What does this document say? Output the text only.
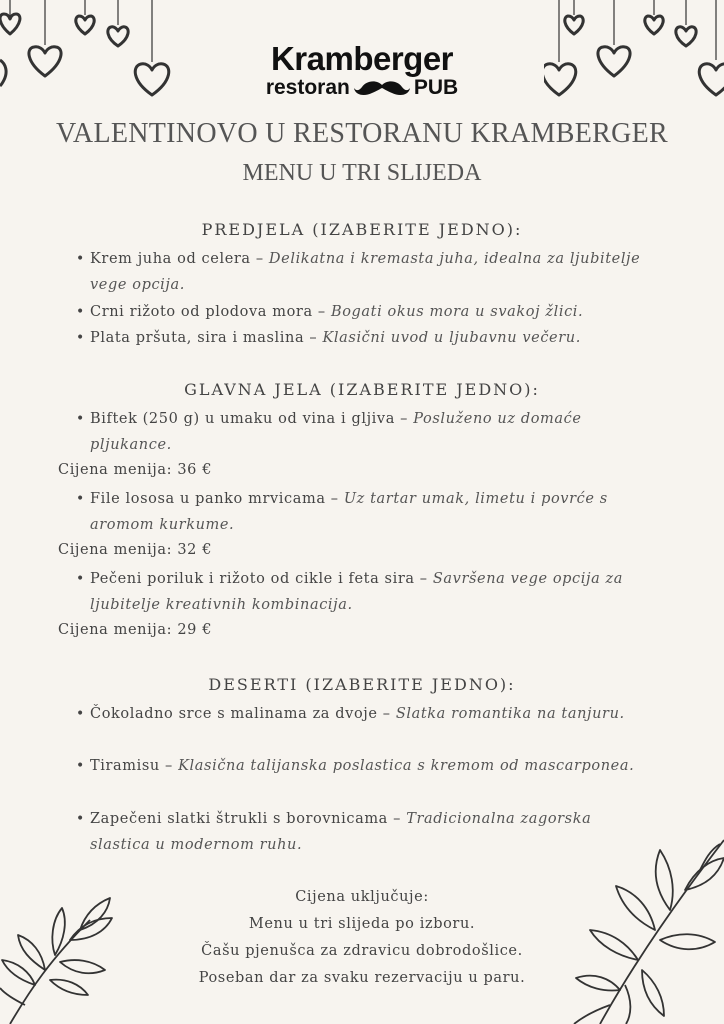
Kramberger
restoran	PUB
VALENTINOVO U RESTORANU KRAMBERGER
MENU U TRI SLIJEDA
PREDJELA (IZABERITE JEDNO):
• Krem juha od celera – Delikatna i kremasta juha, idealna za ljubitelje vege opcija.
• Crni rižoto od plodova mora – Bogati okus mora u svakoj žlici.
• Plata pršuta, sira i maslina – Klasični uvod u ljubavnu večeru.
GLAVNA JELA (IZABERITE JEDNO):
• Biftek (250 g) u umaku od vina i gljiva – Posluženo uz domaće pljukance.
Cijena menija: 36 €
• File lososa u panko mrvicama – Uz tartar umak, limetu i povrće s aromom kurkume.
Cijena menija: 32 €
• Pečeni poriluk i rižoto od cikle i feta sira – Savršena vege opcija za ljubitelje kreativnih kombinacija.
Cijena menija: 29 €
DESERTI (IZABERITE JEDNO):
• Čokoladno srce s malinama za dvoje – Slatka romantika na tanjuru.
• Tiramisu – Klasična talijanska poslastica s kremom od mascarponea.
• Zapečeni slatki štrukli s borovnicama – Tradicionalna zagorska slastica u modernom ruhu.
Cijena uključuje:
Menu u tri slijeda po izboru.
Čašu pjenušca za zdravicu dobrodošlice.
Poseban dar za svaku rezervaciju u paru.
